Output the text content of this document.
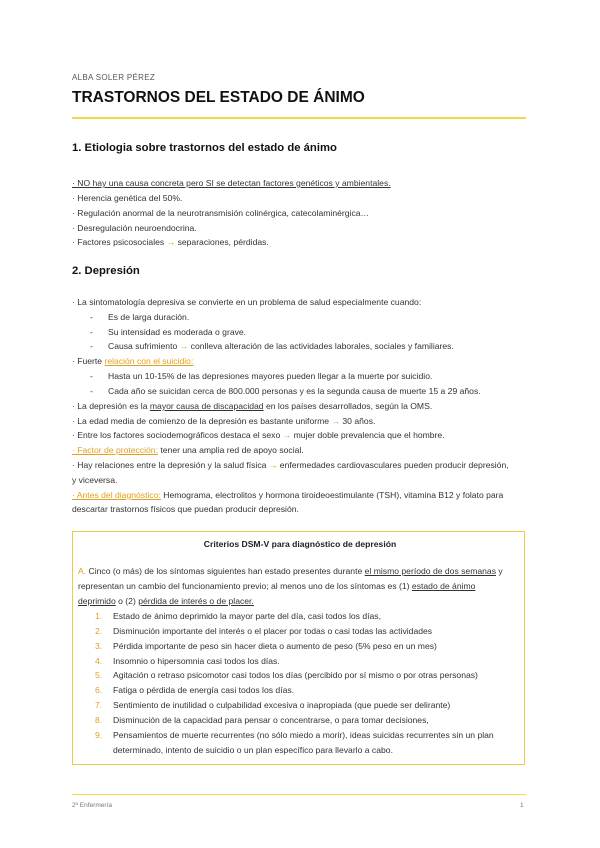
ALBA SOLER PÉREZ
TRASTORNOS DEL ESTADO DE ÁNIMO
1. Etiologia sobre trastornos del estado de ánimo
· NO hay una causa concreta pero SI se detectan factores genéticos y ambientales.
· Herencia genética del 50%.
· Regulación anormal de la neurotransmisión colinérgica, catecolaminérgica…
· Desregulación neuroendocrina.
· Factores psicosociales → separaciones, pérdidas.
2. Depresión
· La sintomatología depresiva se convierte en un problema de salud especialmente cuando:
- Es de larga duración.
- Su intensidad es moderada o grave.
- Causa sufrimiento → conlleva alteración de las actividades laborales, sociales y familiares.
· Fuerte relación con el suicidio:
- Hasta un 10-15% de las depresiones mayores pueden llegar a la muerte por suicidio.
- Cada año se suicidan cerca de 800.000 personas y es la segunda causa de muerte 15 a 29 años.
· La depresión es la mayor causa de discapacidad en los países desarrollados, según la OMS.
· La edad media de comienzo de la depresión es bastante uniforme → 30 años.
· Entre los factores sociodemográficos destaca el sexo → mujer doble prevalencia que el hombre.
· Factor de protección: tener una amplia red de apoyo social.
· Hay relaciones entre la depresión y la salud física → enfermedades cardiovasculares pueden producir depresión,
y viceversa.
· Antes del diagnóstico: Hemograma, electrolitos y hormona tiroideoestimulante (TSH), vitamina B12 y folato para
descartar trastornos físicos que puedan producir depresión.
Criterios DSM-V para diagnóstico de depresión
A. Cinco (o más) de los síntomas siguientes han estado presentes durante el mismo período de dos semanas y
representan un cambio del funcionamiento previo; al menos uno de los síntomas es (1) estado de ánimo
deprimido o (2) pérdida de interés o de placer.
1. Estado de ánimo deprimido la mayor parte del día, casi todos los días,
2. Disminución importante del interés o el placer por todas o casi todas las actividades
3. Pérdida importante de peso sin hacer dieta o aumento de peso (5% peso en un mes)
4. Insomnio o hipersomnia casi todos los días.
5. Agitación o retraso psicomotor casi todos los días (percibido por sí mismo o por otras personas)
6. Fatiga o pérdida de energía casi todos los días.
7. Sentimiento de inutilidad o culpabilidad excesiva o inapropiada (que puede ser delirante)
8. Disminución de la capacidad para pensar o concentrarse, o para tomar decisiones,
9. Pensamientos de muerte recurrentes (no sólo miedo a morir), ideas suicidas recurrentes sin un plan
determinado, intento de suicidio o un plan específico para llevarlo a cabo.
2º Enfermería	1
